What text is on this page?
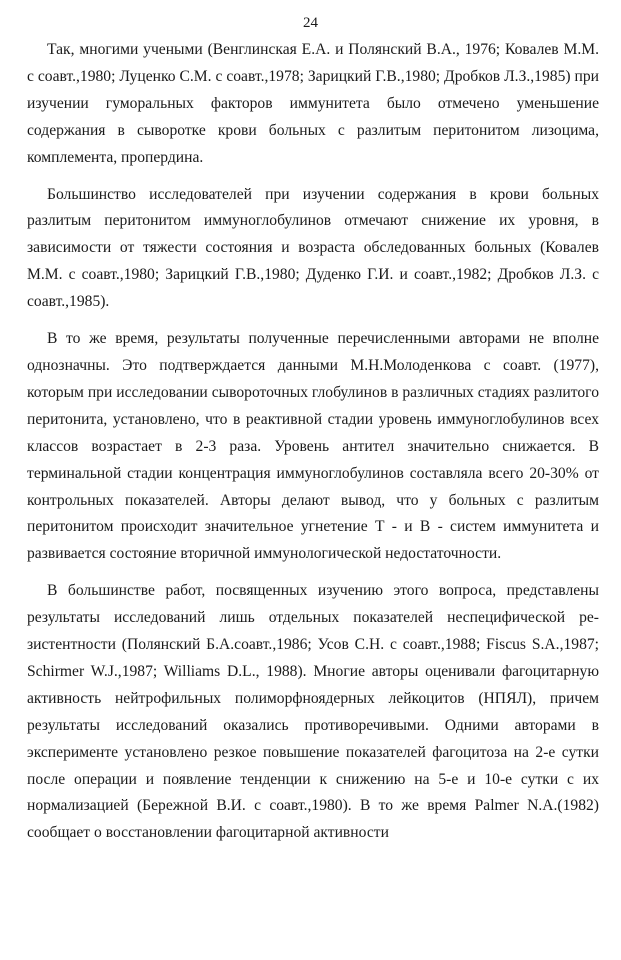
24

Так, многими учеными (Венглинская Е.А. и Полянский В.А., 1976; Ковалев М.М. с соавт.,1980; Луценко С.М. с соавт.,1978; Зарицкий Г.В.,1980; Дробков Л.З.,1985) при изучении гуморальных факторов иммунитета было отмечено уменьшение содержания в сыворотке крови больных с разлитым перитонитом лизоцима, комплемента, пропердина.

Большинство исследователей при изучении содержания в крови больных разлитым перитонитом иммуноглобулинов отмечают снижение их уровня, в зависимости от тяжести состояния и возраста обследованных больных (Ковалев М.М. с соавт.,1980; Зарицкий Г.В.,1980; Дуденко Г.И. и соавт.,1982; Дробков Л.З. с соавт.,1985).

В то же время, результаты полученные перечисленными авторами не вполне однозначны. Это подтверждается данными М.Н.Молоденкова с соавт. (1977), которым при исследовании сывороточных глобулинов в различных стадиях разлитого перитонита, установлено, что в реактивной стадии уровень иммуноглобулинов всех классов возрастает в 2-3 раза. Уровень антител значительно снижается. В терминальной стадии концентрация иммуноглобулинов составляла всего 20-30% от контрольных показателей. Авторы делают вывод, что у больных с разлитым перитонитом происходит значительное угнетение Т - и В - систем иммунитета и развивается состояние вторичной иммунологической недостаточности.

В большинстве работ, посвященных изучению этого вопроса, представлены результаты исследований лишь отдельных показателей неспецифической резистентности (Полянский Б.А.соавт.,1986; Усов С.Н. с соавт.,1988; Fiscus S.A.,1987; Schirmer W.J.,1987; Williams D.L., 1988). Многие авторы оценивали фагоцитарную активность нейтрофильных полиморфноядерных лейкоцитов (НПЯЛ), причем результаты исследований оказались противоречивыми. Одними авторами в эксперименте установлено резкое повышение показателей фагоцитоза на 2-е сутки после операции и появление тенденции к снижению на 5-е и 10-е сутки с их нормализацией (Бережной В.И. с соавт.,1980). В то же время Palmer N.A.(1982) сообщает о восстановлении фагоцитарной активности
